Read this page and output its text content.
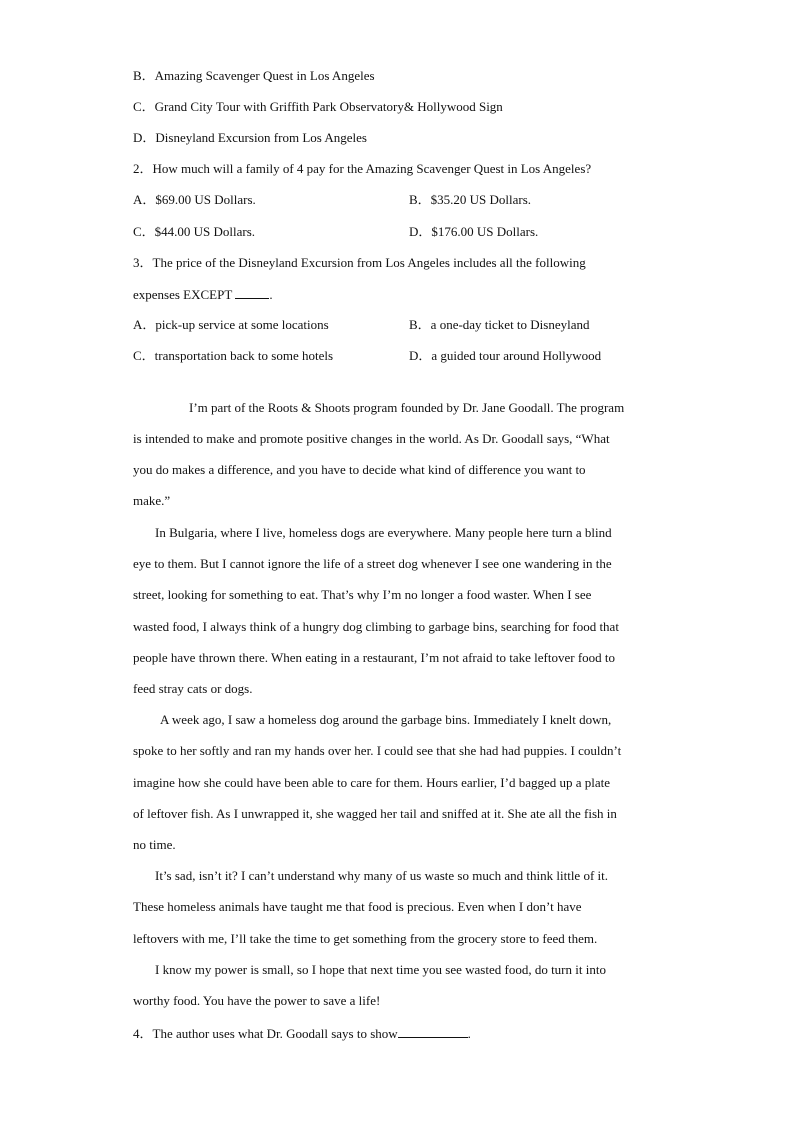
B．Amazing Scavenger Quest in Los Angeles
C．Grand City Tour with Griffith Park Observatory& Hollywood Sign
D．Disneyland Excursion from Los Angeles
2．How much will a family of 4 pay for the Amazing Scavenger Quest in Los Angeles?
A．$69.00 US Dollars.	B．$35.20 US Dollars.
C．$44.00 US Dollars.	D．$176.00 US Dollars.
3．The price of the Disneyland Excursion from Los Angeles includes all the following
expenses EXCEPT	.
A．pick-up service at some locations	B．a one-day ticket to Disneyland
C．transportation back to some hotels	D．a guided tour around Hollywood
I’m part of the Roots & Shoots program founded by Dr. Jane Goodall. The program
is intended to make and promote positive changes in the world. As Dr. Goodall says, “What
you do makes a difference, and you have to decide what kind of difference you want to
make.”
In Bulgaria, where I live, homeless dogs are everywhere. Many people here turn a blind
eye to them. But I cannot ignore the life of a street dog whenever I see one wandering in the
street, looking for something to eat. That’s why I’m no longer a food waster. When I see
wasted food, I always think of a hungry dog climbing to garbage bins, searching for food that
people have thrown there. When eating in a restaurant, I’m not afraid to take leftover food to
feed stray cats or dogs.
A week ago, I saw a homeless dog around the garbage bins. Immediately I knelt down,
spoke to her softly and ran my hands over her. I could see that she had had puppies. I couldn’t
imagine how she could have been able to care for them. Hours earlier, I’d bagged up a plate
of leftover fish. As I unwrapped it, she wagged her tail and sniffed at it. She ate all the fish in
no time.
It’s sad, isn’t it? I can’t understand why many of us waste so much and think little of it.
These homeless animals have taught me that food is precious. Even when I don’t have
leftovers with me, I’ll take the time to get something from the grocery store to feed them.
I know my power is small, so I hope that next time you see wasted food, do turn it into
worthy food. You have the power to save a life!
4．The author uses what Dr. Goodall says to show	.
